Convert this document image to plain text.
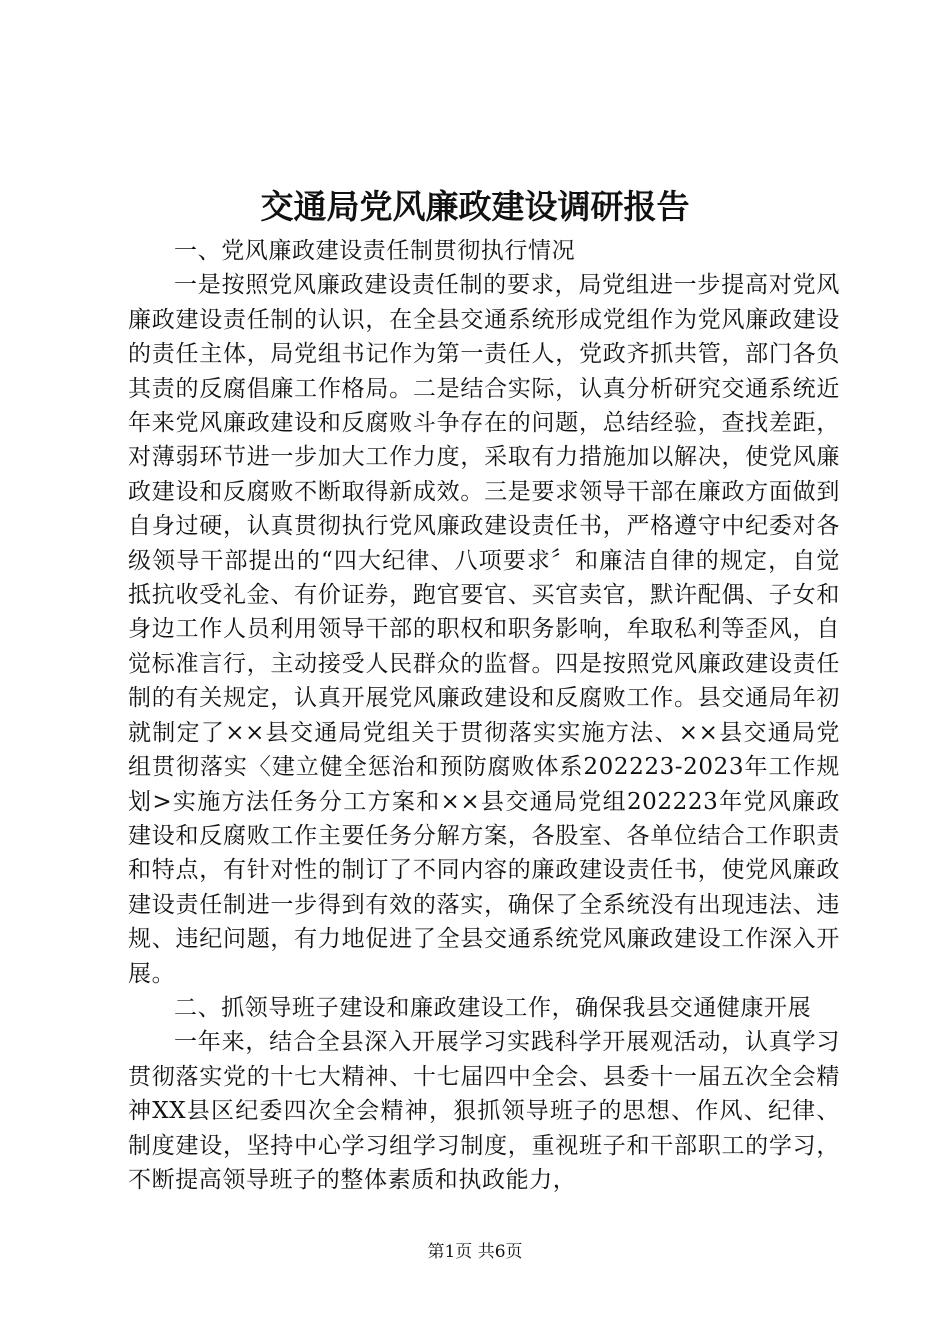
交通局党风廉政建设调研报告

一、党风廉政建设责任制贯彻执行情况

一是按照党风廉政建设责任制的要求，局党组进一步提高对党风廉政建设责任制的认识，在全县交通系统形成党组作为党风廉政建设的责任主体，局党组书记作为第一责任人，党政齐抓共管，部门各负其责的反腐倡廉工作格局。二是结合实际，认真分析研究交通系统近年来党风廉政建设和反腐败斗争存在的问题，总结经验，查找差距，对薄弱环节进一步加大工作力度，采取有力措施加以解决，使党风廉政建设和反腐败不断取得新成效。三是要求领导干部在廉政方面做到自身过硬，认真贯彻执行党风廉政建设责任书，严格遵守中纪委对各级领导干部提出的“四大纪律、八项要求〞和廉洁自律的规定，自觉抵抗收受礼金、有价证券，跑官要官、买官卖官，默许配偶、子女和身边工作人员利用领导干部的职权和职务影响，牟取私利等歪风，自觉标准言行，主动接受人民群众的监督。四是按照党风廉政建设责任制的有关规定，认真开展党风廉政建设和反腐败工作。县交通局年初就制定了××县交通局党组关于贯彻落实实施方法、××县交通局党组贯彻落实〈建立健全惩治和预防腐败体系202223-2023年工作规划>实施方法任务分工方案和××县交通局党组202223年党风廉政建设和反腐败工作主要任务分解方案，各股室、各单位结合工作职责和特点，有针对性的制订了不同内容的廉政建设责任书，使党风廉政建设责任制进一步得到有效的落实，确保了全系统没有出现违法、违规、违纪问题，有力地促进了全县交通系统党风廉政建设工作深入开展。

二、抓领导班子建设和廉政建设工作，确保我县交通健康开展

一年来，结合全县深入开展学习实践科学开展观活动，认真学习贯彻落实党的十七大精神、十七届四中全会、县委十一届五次全会精神XX县区纪委四次全会精神，狠抓领导班子的思想、作风、纪律、制度建设，坚持中心学习组学习制度，重视班子和干部职工的学习，不断提高领导班子的整体素质和执政能力，

第1页 共6页
